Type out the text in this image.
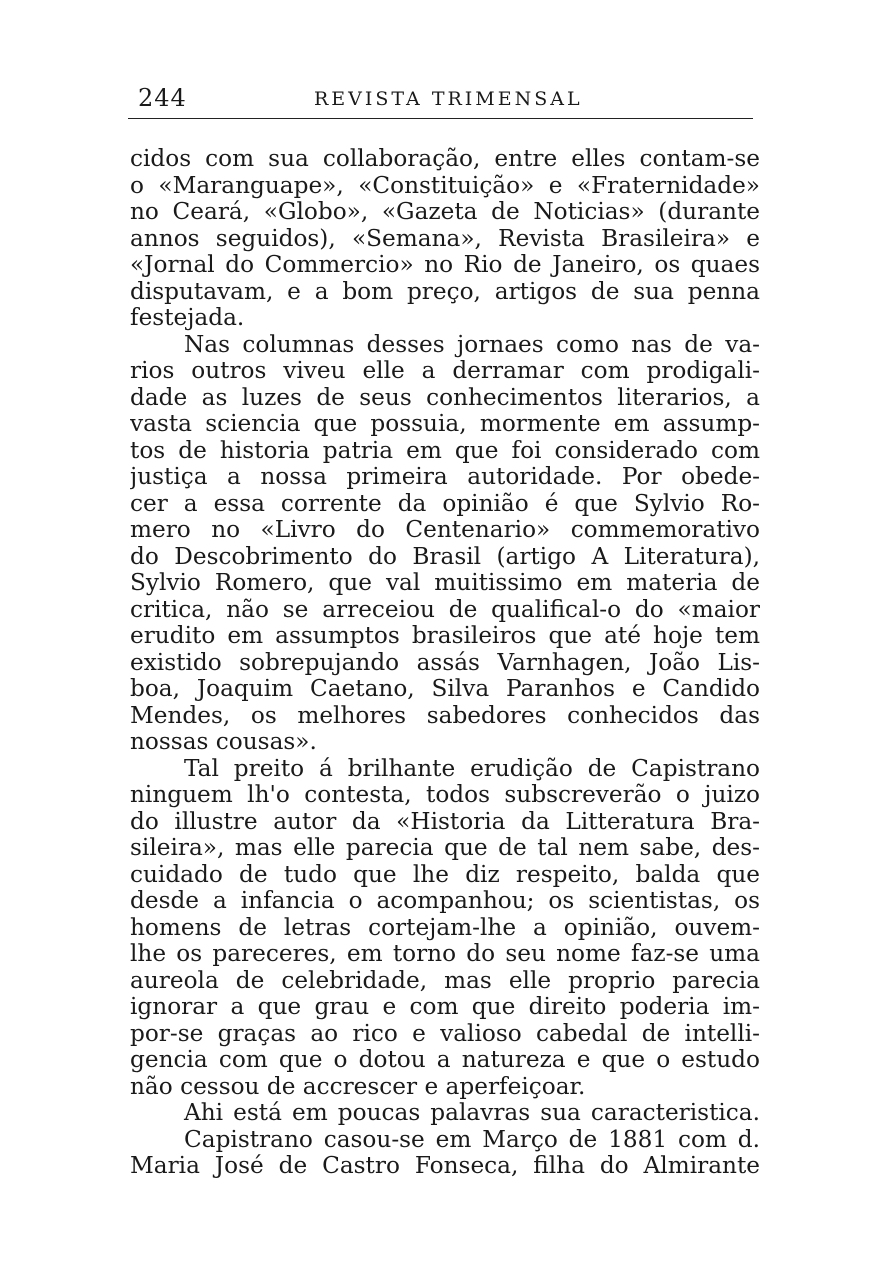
244	REVISTA TRIMENSAL
cidos com sua collaboração, entre elles contam-se
o «Maranguape», «Constituição» e «Fraternidade»
no Ceará, «Globo», «Gazeta de Noticias» (durante
annos seguidos), «Semana», Revista Brasileira» e
«Jornal do Commercio» no Rio de Janeiro, os quaes
disputavam, e a bom preço, artigos de sua penna
festejada.
Nas columnas desses jornaes como nas de va-
rios outros viveu elle a derramar com prodigali-
dade as luzes de seus conhecimentos literarios, a
vasta sciencia que possuia, mormente em assump-
tos de historia patria em que foi considerado com
justiça a nossa primeira autoridade. Por obede-
cer a essa corrente da opinião é que Sylvio Ro-
mero no «Livro do Centenario» commemorativo
do Descobrimento do Brasil (artigo A Literatura),
Sylvio Romero, que val muitissimo em materia de
critica, não se arreceiou de qualifical-o do «maior
erudito em assumptos brasileiros que até hoje tem
existido sobrepujando assás Varnhagen, João Lis-
boa, Joaquim Caetano, Silva Paranhos e Candido
Mendes, os melhores sabedores conhecidos das
nossas cousas».
Tal preito á brilhante erudição de Capistrano
ninguem lh'o contesta, todos subscreverão o juizo
do illustre autor da «Historia da Litteratura Bra-
sileira», mas elle parecia que de tal nem sabe, des-
cuidado de tudo que lhe diz respeito, balda que
desde a infancia o acompanhou; os scientistas, os
homens de letras cortejam-lhe a opinião, ouvem-
lhe os pareceres, em torno do seu nome faz-se uma
aureola de celebridade, mas elle proprio parecia
ignorar a que grau e com que direito poderia im-
por-se graças ao rico e valioso cabedal de intelli-
gencia com que o dotou a natureza e que o estudo
não cessou de accrescer e aperfeiçoar.
Ahi está em poucas palavras sua caracteristica.
Capistrano casou-se em Março de 1881 com d.
Maria José de Castro Fonseca, filha do Almirante
